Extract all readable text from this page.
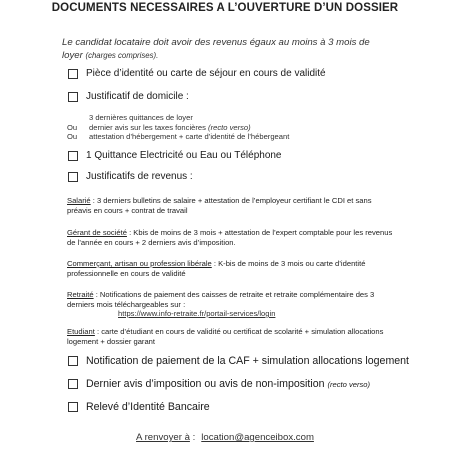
DOCUMENTS NECESSAIRES A L’OUVERTURE D’UN DOSSIER
Le candidat locataire doit avoir des revenus égaux au moins à 3 mois de
loyer (charges comprises).
Pièce d’identité ou carte de séjour en cours de validité
Justificatif de domicile :
3 dernières quittances de loyer
Ou dernier avis sur les taxes foncières (recto verso)
Ou attestation d’hébergement + carte d’identité de l’hébergeant
1 Quittance Electricité ou Eau ou Téléphone
Justificatifs de revenus :
Salarié : 3 derniers bulletins de salaire + attestation de l’employeur certifiant le CDI et sans préavis en cours + contrat de travail
Gérant de société : Kbis de moins de 3 mois + attestation de l’expert comptable pour les revenus de l’année en cours + 2 derniers avis d’imposition.
Commerçant, artisan ou profession libérale : K-bis de moins de 3 mois ou carte d’identité professionnelle en cours de validité
Retraité : Notifications de paiement des caisses de retraite et retraite complémentaire des 3 derniers mois téléchargeables sur :
https://www.info-retraite.fr/portail-services/login
Etudiant : carte d’étudiant en cours de validité ou certificat de scolarité + simulation allocations logement + dossier garant
Notification de paiement de la CAF + simulation allocations logement
Dernier avis d’imposition ou avis de non-imposition (recto verso)
Relevé d’Identité Bancaire
A renvoyer à : location@agenceibox.com
